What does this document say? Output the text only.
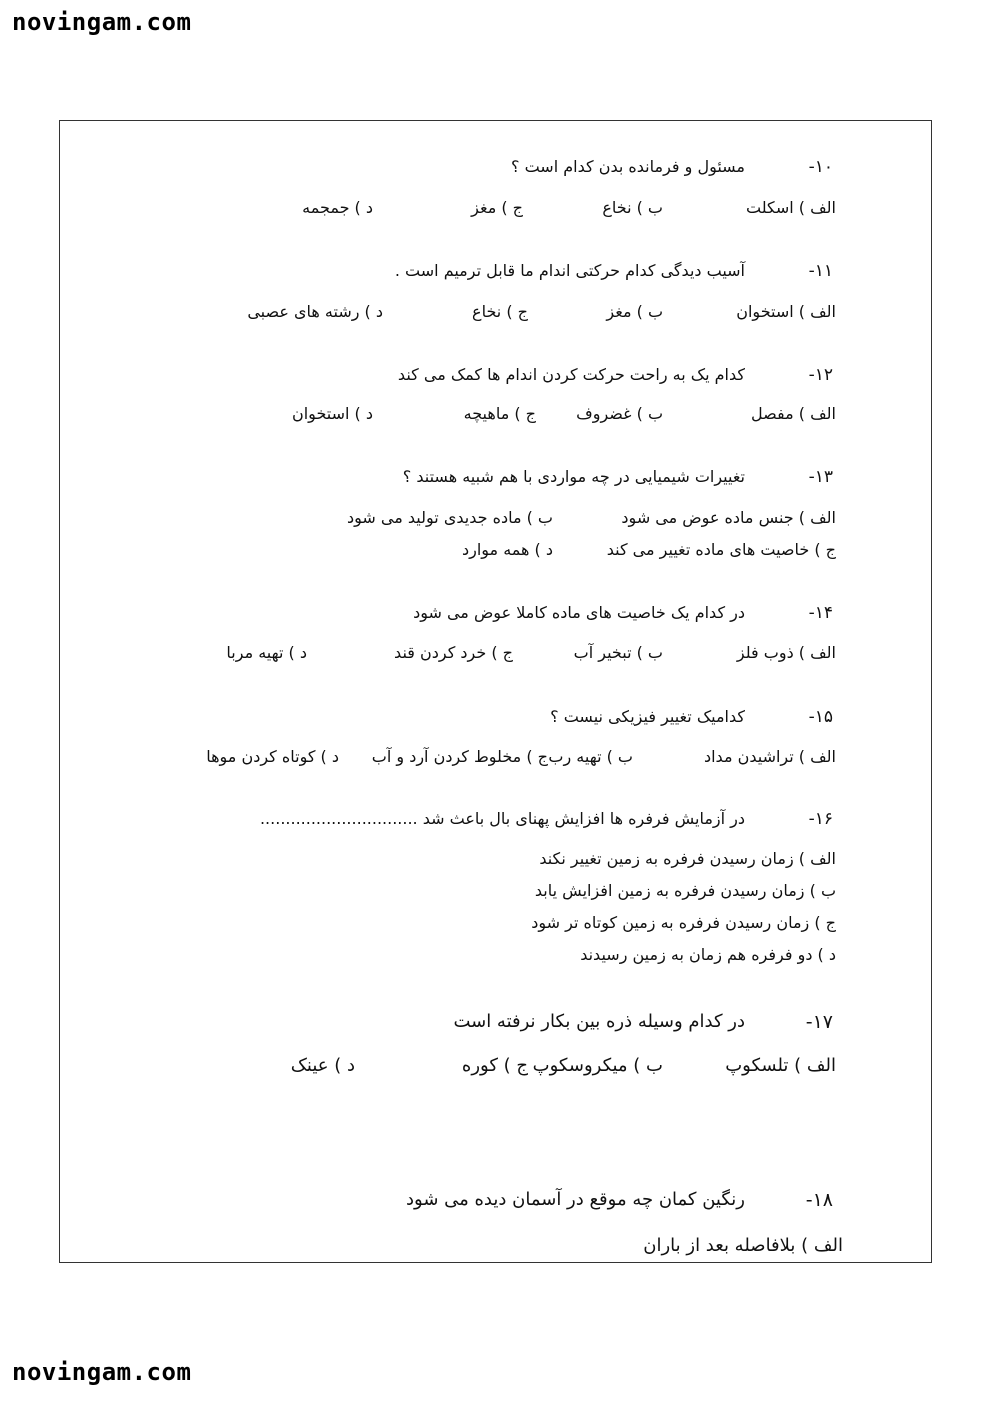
novingam.com
۱۰-
مسئول و فرمانده بدن کدام است ؟
الف ) اسکلت
ب ) نخاع
ج ) مغز
د ) جمجمه
۱۱-
آسیب دیدگی کدام حرکتی اندام ما قابل ترمیم است .
الف ) استخوان
ب ) مغز
ج ) نخاع
د ) رشته های عصبی
۱۲-
کدام یک به راحت حرکت کردن اندام ها کمک می کند
الف ) مفصل
ب ) غضروف
ج ) ماهیچه
د ) استخوان
۱۳-
تغییرات شیمیایی در چه مواردی با هم شبیه هستند ؟
الف ) جنس ماده عوض می شود
ب ) ماده جدیدی تولید می شود
ج ) خاصیت های ماده تغییر می کند
د ) همه موارد
۱۴-
در کدام یک خاصیت های ماده کاملا عوض می شود
الف ) ذوب فلز
ب ) تبخیر آب
ج ) خرد کردن قند
د ) تهیه مربا
۱۵-
کدامیک تغییر فیزیکی نیست ؟
الف ) تراشیدن مداد
ب ) تهیه رب
ج ) مخلوط کردن آرد و آب
د ) کوتاه کردن موها
۱۶-
در آزمایش فرفره ها افزایش پهنای بال باعث شد ...............................
الف ) زمان رسیدن فرفره به زمین تغییر نکند
ب ) زمان رسیدن فرفره به زمین افزایش یابد
ج ) زمان رسیدن فرفره به زمین کوتاه تر شود
د ) دو فرفره هم زمان به زمین رسیدند
۱۷-
در کدام وسیله ذره بین بکار نرفته است
الف ) تلسکوپ
ب ) میکروسکوپ
ج ) کوره
د ) عینک
۱۸-
رنگین کمان چه موقع در آسمان دیده می شود
الف ) بلافاصله بعد از باران
novingam.com
